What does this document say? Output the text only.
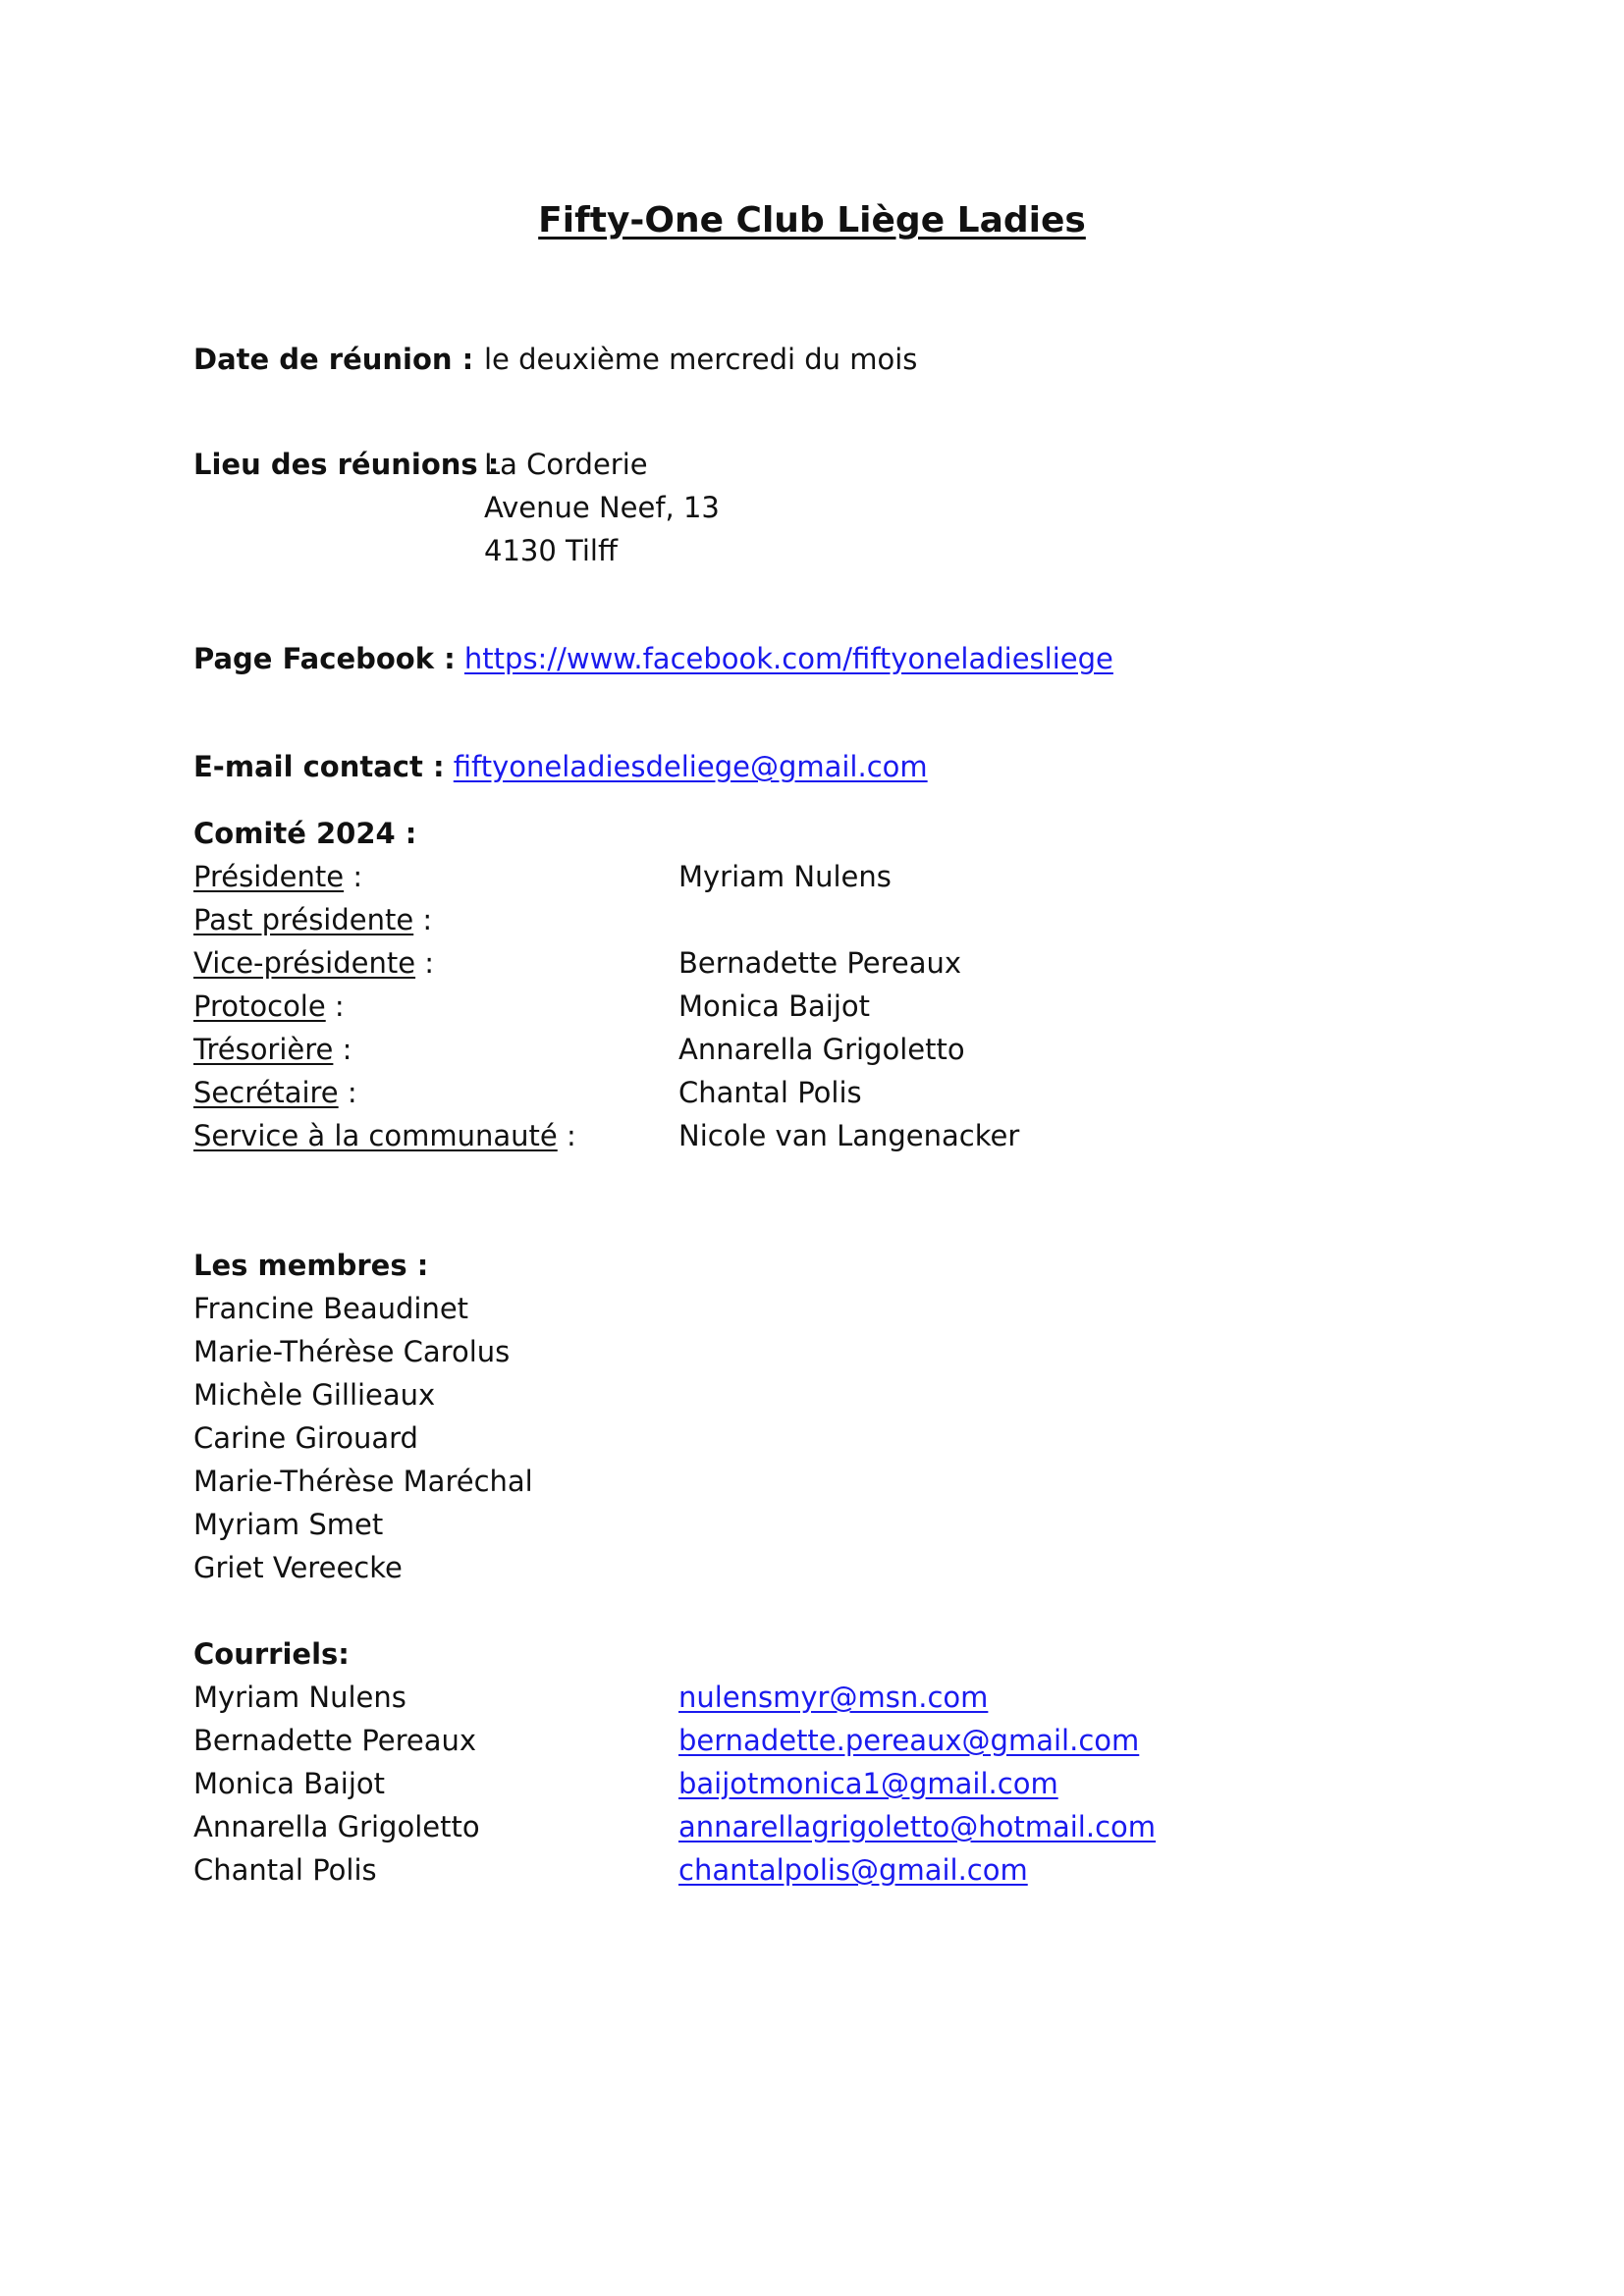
Fifty-One Club Liège Ladies
Date de réunion : le deuxième mercredi du mois
Lieu des réunions :
La Corderie
Avenue Neef, 13
4130 Tilff
Page Facebook : https://www.facebook.com/fiftyoneladiesliege
E-mail contact : fiftyoneladiesdeliege@gmail.com
Comité 2024 :
Présidente :	Myriam Nulens
Past présidente :
Vice-présidente :	Bernadette Pereaux
Protocole :	Monica Baijot
Trésorière :	Annarella Grigoletto
Secrétaire :	Chantal Polis
Service à la communauté :	Nicole van Langenacker
Les membres :
Francine Beaudinet
Marie-Thérèse Carolus
Michèle Gillieaux
Carine Girouard
Marie-Thérèse Maréchal
Myriam Smet
Griet Vereecke
Courriels:
Myriam Nulens	nulensmyr@msn.com
Bernadette Pereaux	bernadette.pereaux@gmail.com
Monica Baijot	baijotmonica1@gmail.com
Annarella Grigoletto	annarellagrigoletto@hotmail.com
Chantal Polis	chantalpolis@gmail.com
